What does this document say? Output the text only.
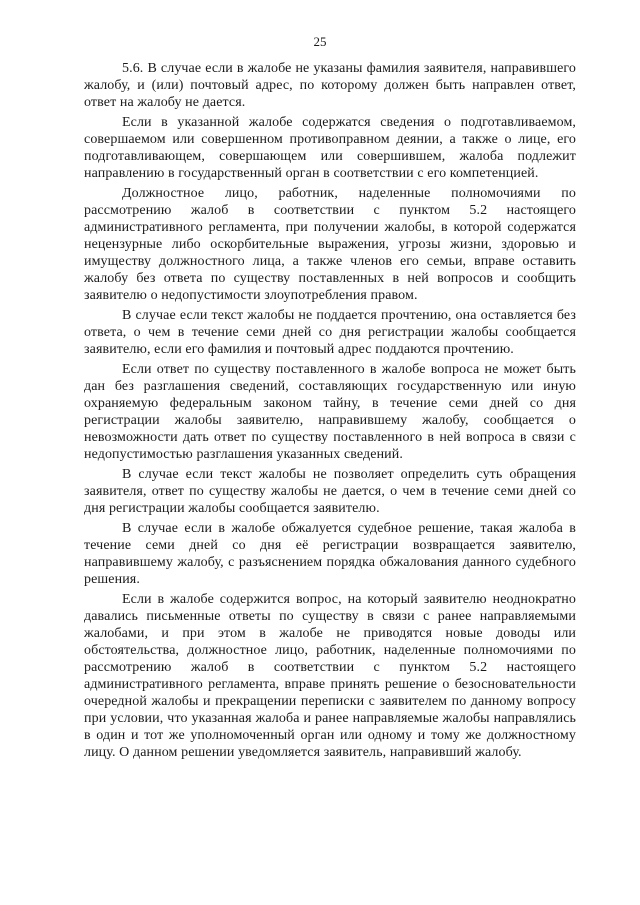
25

5.6. В случае если в жалобе не указаны фамилия заявителя, направившего жалобу, и (или) почтовый адрес, по которому должен быть направлен ответ, ответ на жалобу не дается.

Если в указанной жалобе содержатся сведения о подготавливаемом, совершаемом или совершенном противоправном деянии, а также о лице, его подготавливающем, совершающем или совершившем, жалоба подлежит направлению в государственный орган в соответствии с его компетенцией.

Должностное лицо, работник, наделенные полномочиями по рассмотрению жалоб в соответствии с пунктом 5.2 настоящего административного регламента, при получении жалобы, в которой содержатся нецензурные либо оскорбительные выражения, угрозы жизни, здоровью и имуществу должностного лица, а также членов его семьи, вправе оставить жалобу без ответа по существу поставленных в ней вопросов и сообщить заявителю о недопустимости злоупотребления правом.

В случае если текст жалобы не поддается прочтению, она оставляется без ответа, о чем в течение семи дней со дня регистрации жалобы сообщается заявителю, если его фамилия и почтовый адрес поддаются прочтению.

Если ответ по существу поставленного в жалобе вопроса не может быть дан без разглашения сведений, составляющих государственную или иную охраняемую федеральным законом тайну, в течение семи дней со дня регистрации жалобы заявителю, направившему жалобу, сообщается о невозможности дать ответ по существу поставленного в ней вопроса в связи с недопустимостью разглашения указанных сведений.

В случае если текст жалобы не позволяет определить суть обращения заявителя, ответ по существу жалобы не дается, о чем в течение семи дней со дня регистрации жалобы сообщается заявителю.

В случае если в жалобе обжалуется судебное решение, такая жалоба в течение семи дней со дня её регистрации возвращается заявителю, направившему жалобу, с разъяснением порядка обжалования данного судебного решения.

Если в жалобе содержится вопрос, на который заявителю неоднократно давались письменные ответы по существу в связи с ранее направляемыми жалобами, и при этом в жалобе не приводятся новые доводы или обстоятельства, должностное лицо, работник, наделенные полномочиями по рассмотрению жалоб в соответствии с пунктом 5.2 настоящего административного регламента, вправе принять решение о безосновательности очередной жалобы и прекращении переписки с заявителем по данному вопросу при условии, что указанная жалоба и ранее направляемые жалобы направлялись в один и тот же уполномоченный орган или одному и тому же должностному лицу. О данном решении уведомляется заявитель, направивший жалобу.
